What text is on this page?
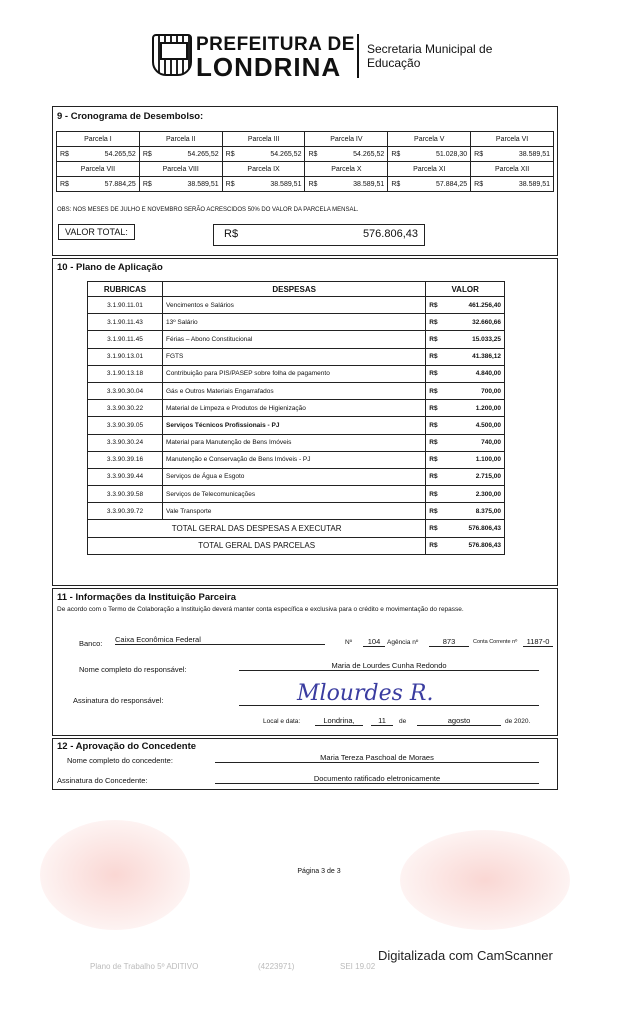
PREFEITURA DE
LONDRINA
Secretaria Municipal de
Educação
9 - Cronograma de Desembolso:
Parcela I		Parcela II		Parcela III		Parcela IV		Parcela V		Parcela VI	
R$	54.265,52	R$	54.265,52	R$	54.265,52	R$	54.265,52	R$	51.028,30	R$	38.589,51
Parcela VII		Parcela VIII		Parcela IX		Parcela X		Parcela XI		Parcela XII	
R$	57.884,25	R$	38.589,51	R$	38.589,51	R$	38.589,51	R$	57.884,25	R$	38.589,51
OBS: NOS MESES DE JULHO E NOVEMBRO SERÃO ACRESCIDOS 50% DO VALOR DA PARCELA MENSAL.
VALOR TOTAL:	R$	576.806,43
10 - Plano de Aplicação
RUBRICAS	DESPESAS	VALOR	
3.1.90.11.01	Vencimentos e Salários	R$	461.256,40
3.1.90.11.43	13º Salário	R$	32.660,66
3.1.90.11.45	Férias – Abono Constitucional	R$	15.033,25
3.1.90.13.01	FGTS	R$	41.386,12
3.1.90.13.18	Contribuição para PIS/PASEP sobre folha de pagamento	R$	4.840,00
3.3.90.30.04	Gás e Outros Materiais Engarrafados	R$	700,00
3.3.90.30.22	Material de Limpeza e Produtos de Higienização	R$	1.200,00
3.3.90.39.05	Serviços Técnicos Profissionais - PJ	R$	4.500,00
3.3.90.30.24	Material para Manutenção de Bens Imóveis	R$	740,00
3.3.90.39.16	Manutenção e Conservação de Bens Imóveis - PJ	R$	1.100,00
3.3.90.39.44	Serviços de Água e Esgoto	R$	2.715,00
3.3.90.39.58	Serviços de Telecomunicações	R$	2.300,00
3.3.90.39.72	Vale Transporte	R$	8.375,00
TOTAL GERAL DAS DESPESAS A EXECUTAR		R$	576.806,43
TOTAL GERAL DAS PARCELAS		R$	576.806,43
11 - Informações da Instituição Parceira
De acordo com o Termo de Colaboração a Instituição deverá manter conta específica e exclusiva para o crédito e movimentação do repasse.
Banco: Caixa Econômica Federal	Nº	104	Agência nº	873	Conta Corrente nº	1187-0
Nome completo do responsável:	Maria de Lourdes Cunha Redondo
Assinatura do responsável:	Mlourdes R.
Local e data:	Londrina,	11	de	agosto	de 2020.
12 - Aprovação do Concedente
Nome completo do concedente:	Maria Tereza Paschoal de Moraes
Assinatura do Concedente:	Documento ratificado eletronicamente
Página 3 de 3
Plano de Trabalho 5º ADITIVO	(4223971)	SEI 19.02
Digitalizada com CamScanner
